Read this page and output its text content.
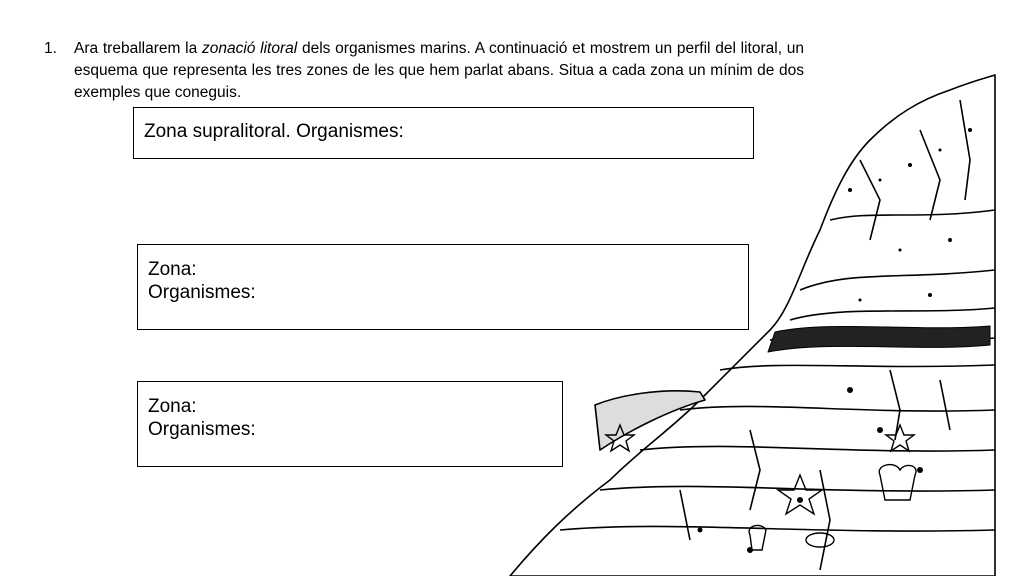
1. Ara treballarem la zonació litoral dels organismes marins. A continuació et mostrem un perfil del litoral, un esquema que representa les tres zones de les que hem parlat abans. Situa a cada zona un mínim de dos exemples que coneguis.
Zona supralitoral. Organismes:
Zona:
Organismes:
Zona:
Organismes:
